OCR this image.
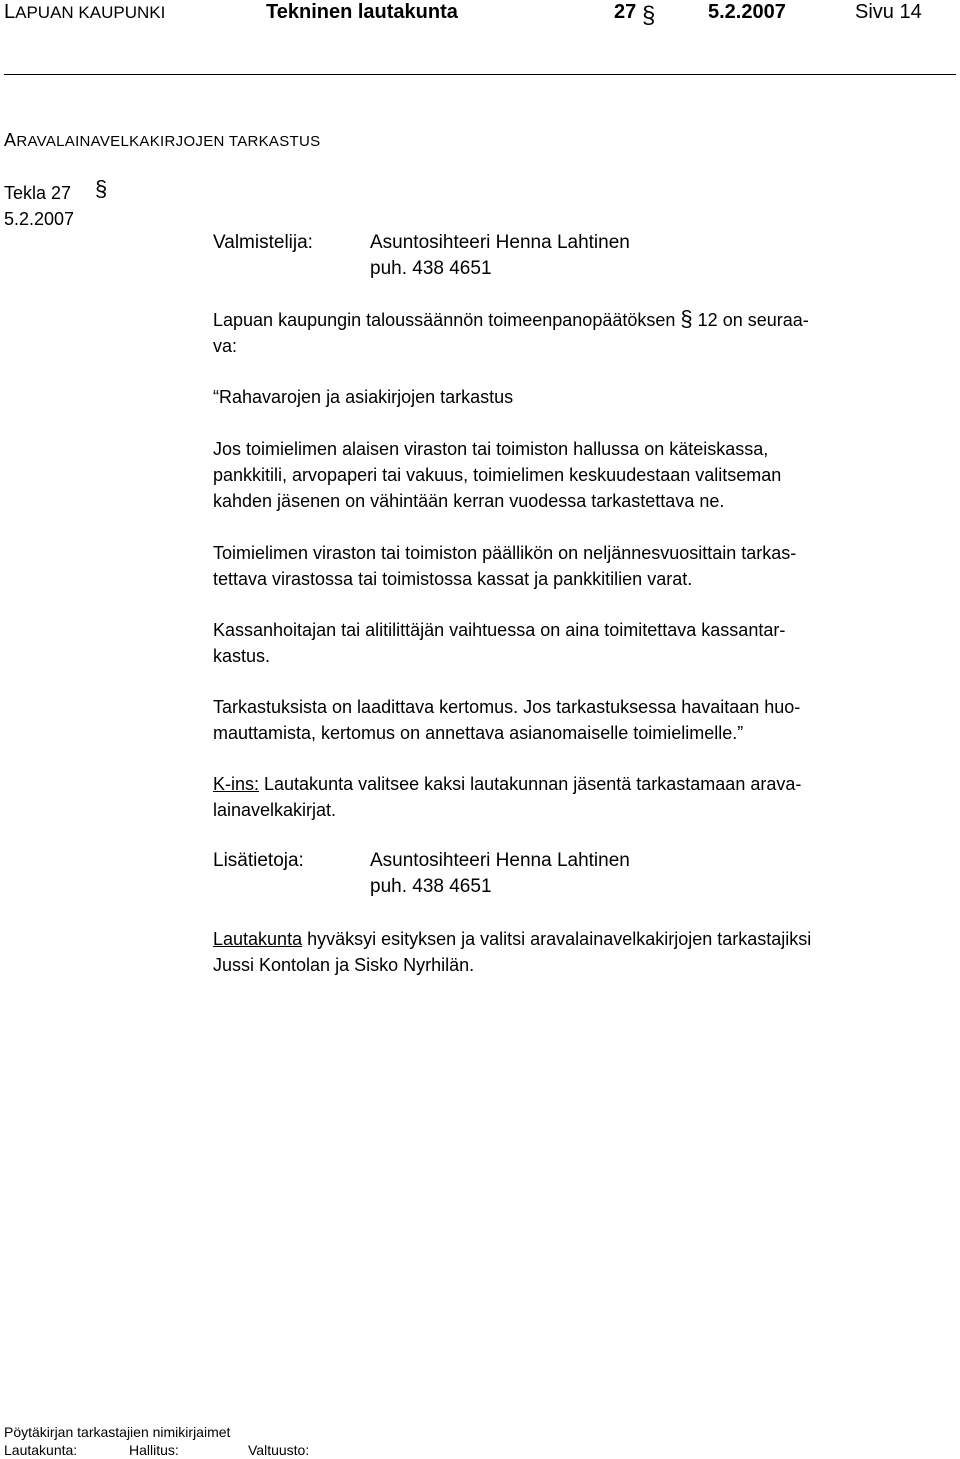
LAPUAN KAUPUNKI	Tekninen lautakunta	27 §	5.2.2007	Sivu 14
ARAVALAINAVELKAKIRJOJEN TARKASTUS
Tekla 27 §
5.2.2007
Valmistelija:	Asuntosihteeri Henna Lahtinen
puh. 438 4651
Lapuan kaupungin taloussäännön toimeenpanopäätöksen § 12 on seuraa-
va:
“Rahavarojen ja asiakirjojen tarkastus
Jos toimielimen alaisen viraston tai toimiston hallussa on käteiskassa,
pankkitili, arvopaperi tai vakuus, toimielimen keskuudestaan valitseman
kahden jäsenen on vähintään kerran vuodessa tarkastettava ne.
Toimielimen viraston tai toimiston päällikön on neljännesvuosittain tarkas-
tettava virastossa tai toimistossa kassat ja pankkitilien varat.
Kassanhoitajan tai alitilittäjän vaihtuessa on aina toimitettava kassantar-
kastus.
Tarkastuksista on laadittava kertomus. Jos tarkastuksessa havaitaan huo-
mauttamista, kertomus on annettava asianomaiselle toimielimelle.”
K-ins: Lautakunta valitsee kaksi lautakunnan jäsentä tarkastamaan arava-
lainavelkakirjat.
Lisätietoja:	Asuntosihteeri Henna Lahtinen
puh. 438 4651
Lautakunta hyväksyi esityksen ja valitsi aravalainavelkakirjojen tarkastajiksi
Jussi Kontolan ja Sisko Nyrhilän.
Pöytäkirjan tarkastajien nimikirjaimet
Lautakunta:	Hallitus:	Valtuusto:
